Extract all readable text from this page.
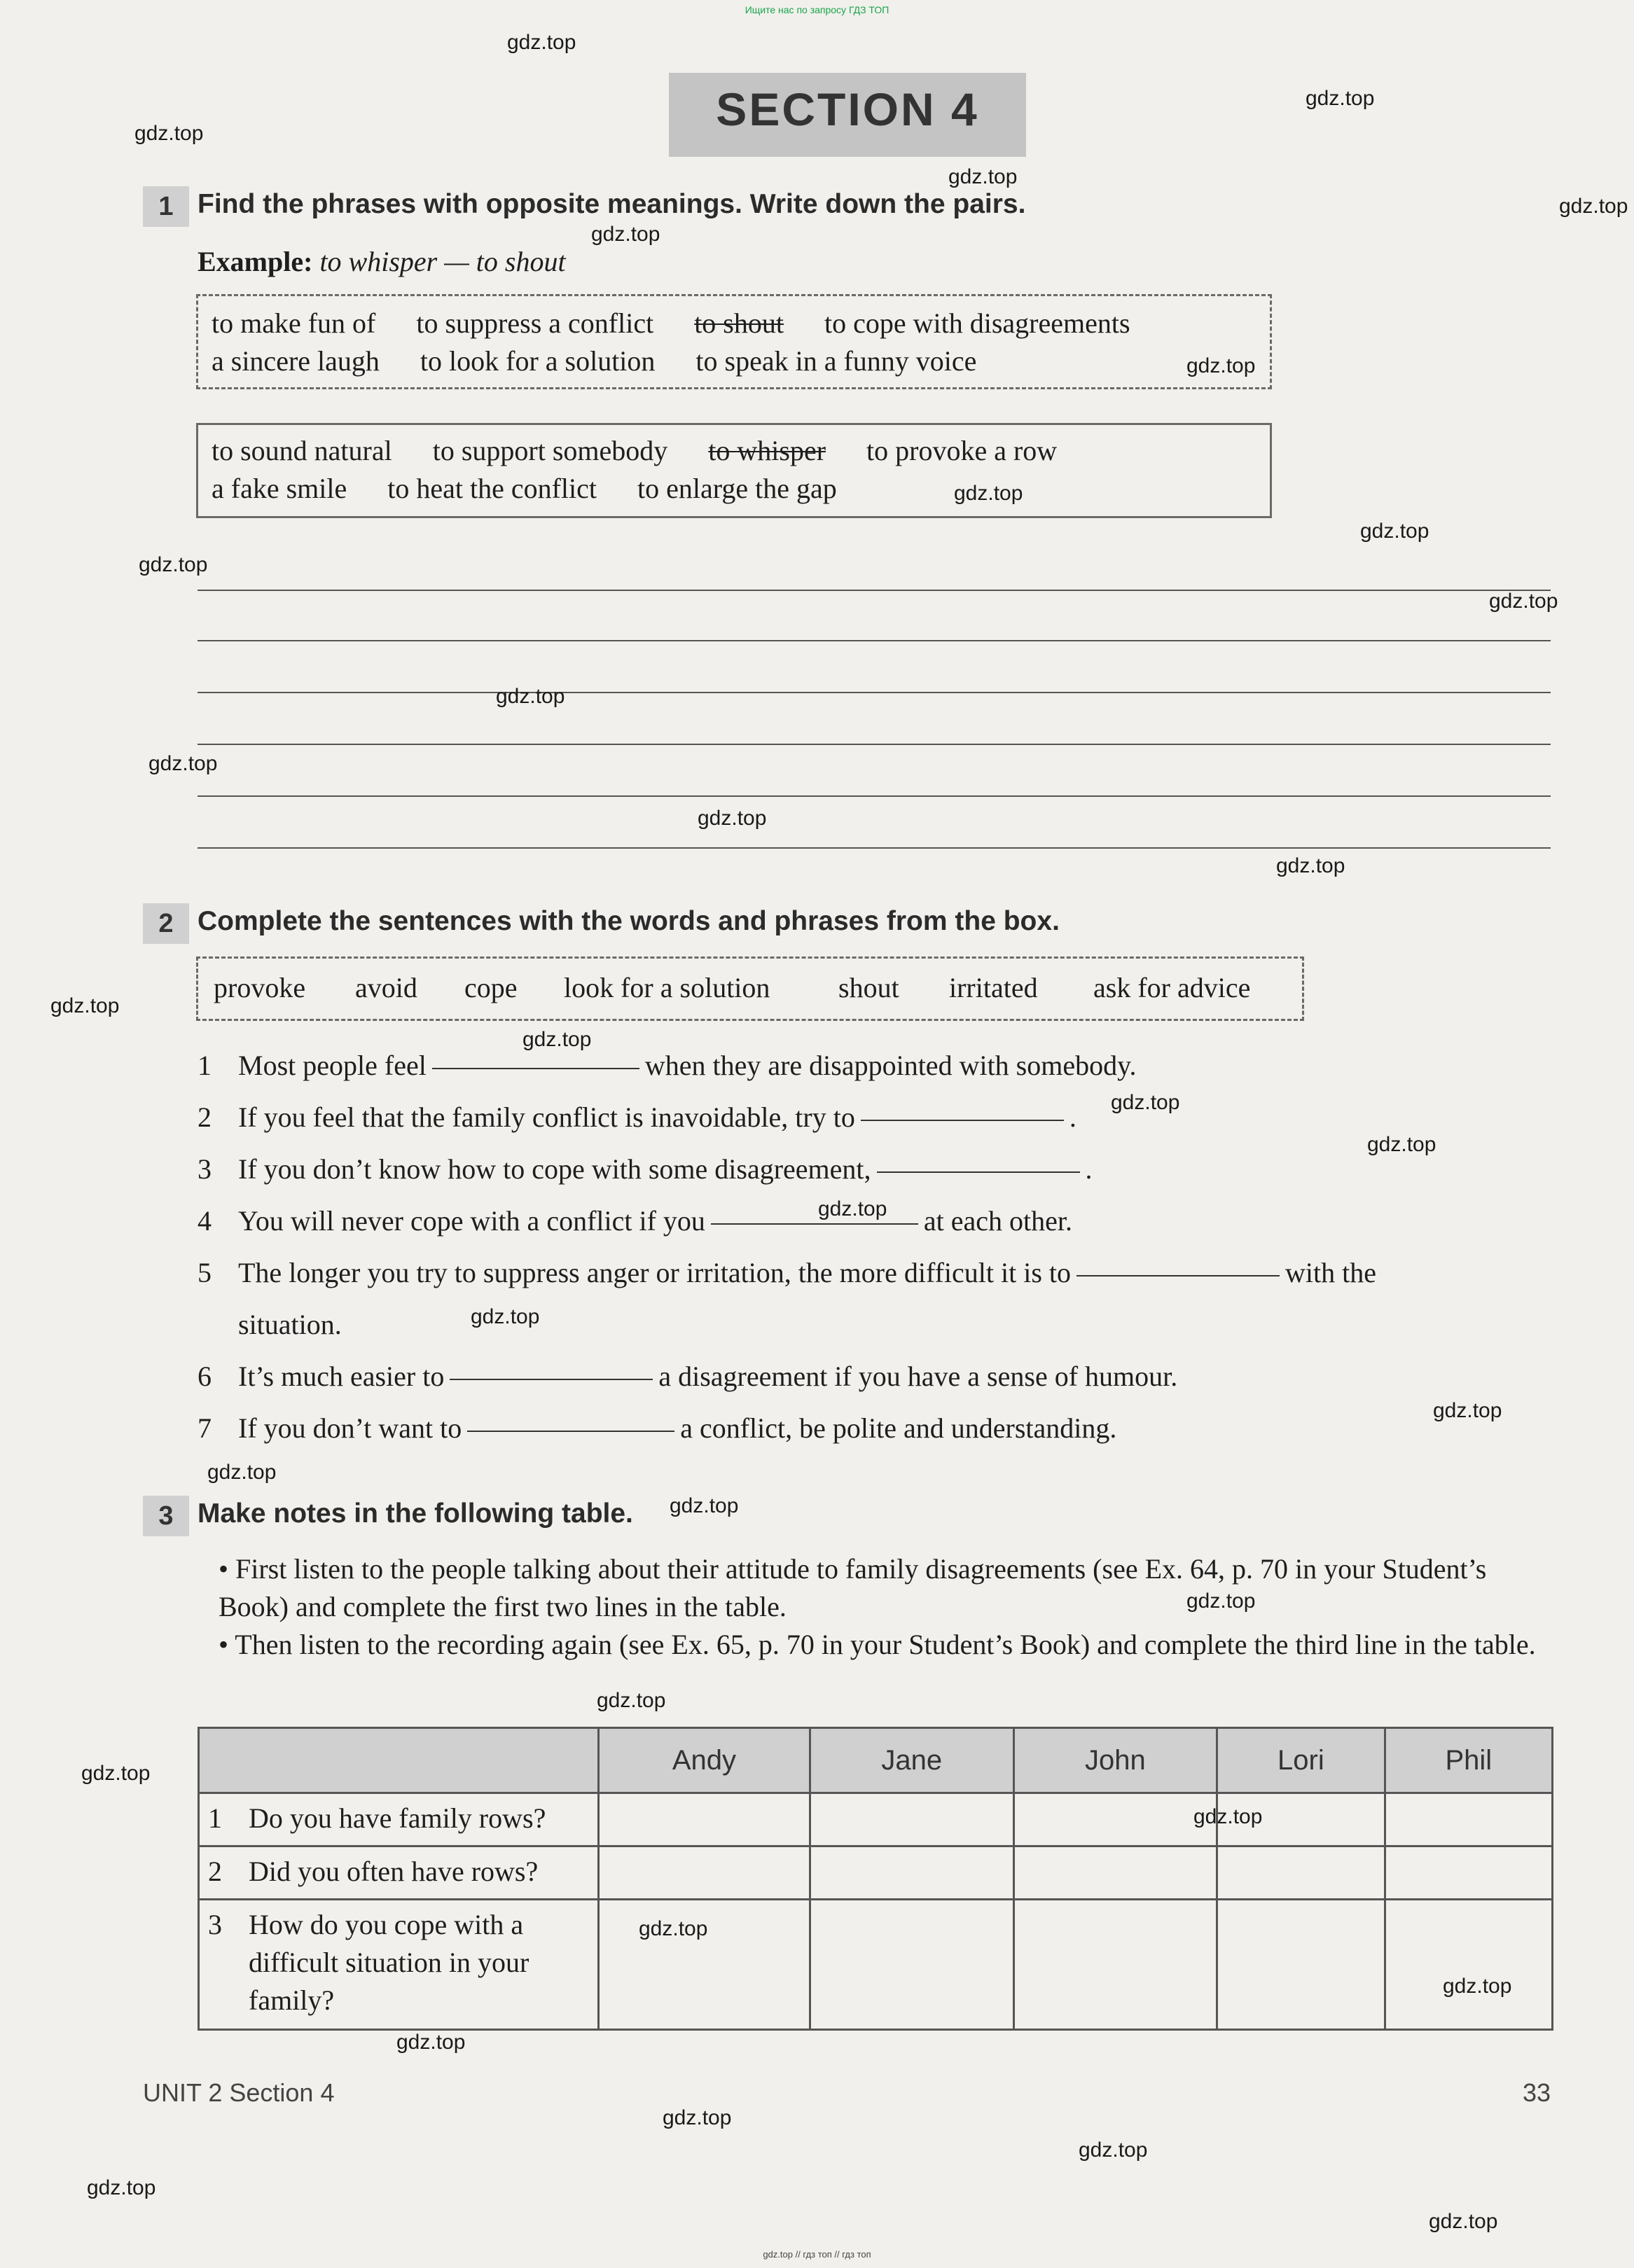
Ищите нас по запросу ГДЗ ТОП
SECTION 4
1 Find the phrases with opposite meanings. Write down the pairs.
Example: to whisper — to shout
to make fun of to suppress a conflict to shout to cope with disagreements
a sincere laugh to look for a solution to speak in a funny voice
to sound natural to support somebody to whisper to provoke a row
a fake smile to heat the conflict to enlarge the gap
2 Complete the sentences with the words and phrases from the box.
provoke avoid cope look for a solution shout irritated ask for advice
1 Most people feel	when they are disappointed with somebody.
2 If you feel that the family conflict is inavoidable, try to	.
3 If you don’t know how to cope with some disagreement,	.
4 You will never cope with a conflict if you	at each other.
5 The longer you try to suppress anger or irritation, the more difficult it is to	with the
situation.
6 It’s much easier to	a disagreement if you have a sense of humour.
7 If you don’t want to	a conflict, be polite and understanding.
3 Make notes in the following table.
• First listen to the people talking about their attitude to family disagreements (see Ex. 64, p. 70 in your Student’s Book) and complete the first two lines in the table.
• Then listen to the recording again (see Ex. 65, p. 70 in your Student’s Book) and complete the third line in the table.
	Andy	Jane	John	Lori	Phil
1 Do you have family rows?					
2 Did you often have rows?					

3 How do you cope with a difficult situation in your family?					

UNIT 2 Section 4	33
gdz.top
gdz.top
gdz.top
gdz.top
gdz.top
gdz.top
gdz.top
gdz.top
gdz.top
gdz.top
gdz.top
gdz.top
gdz.top
gdz.top
gdz.top
gdz.top
gdz.top
gdz.top
gdz.top
gdz.top
gdz.top
gdz.top
gdz.top
gdz.top
gdz.top
gdz.top
gdz.top
gdz.top
gdz.top
gdz.top
gdz.top
gdz.top
gdz.top
gdz.top
gdz.top
gdz.top // гдз топ // гдз топ
